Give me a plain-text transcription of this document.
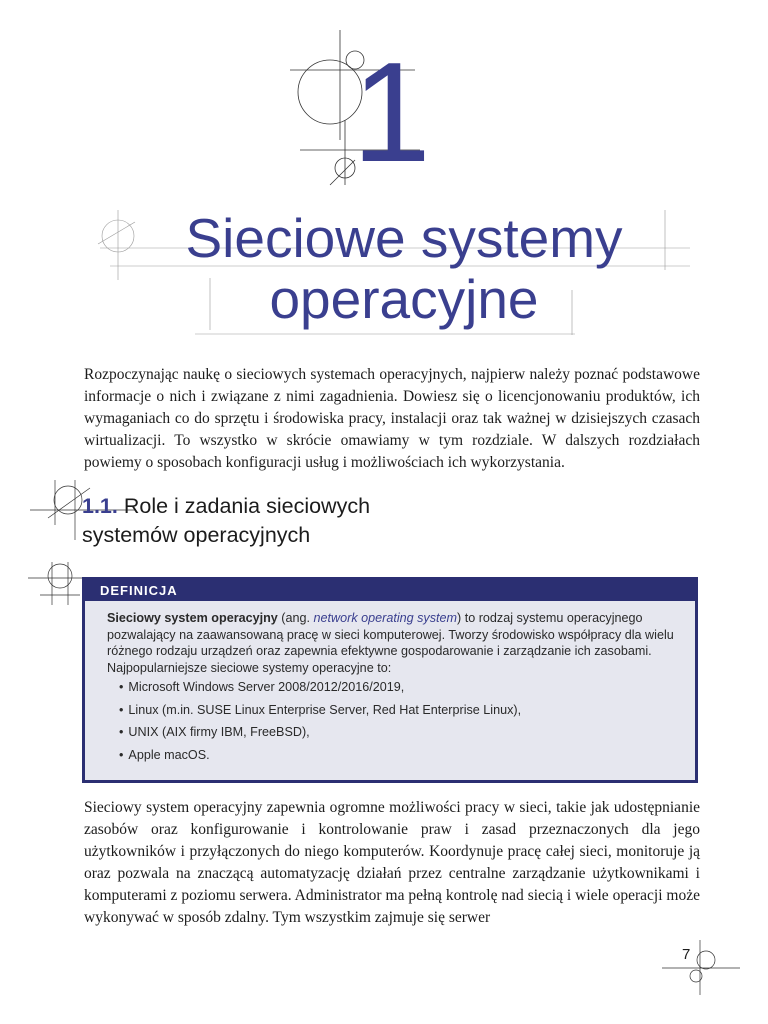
1
Sieciowe systemy
operacyjne
Rozpoczynając naukę o sieciowych systemach operacyjnych, najpierw należy poznać podstawowe informacje o nich i związane z nimi zagadnienia. Dowiesz się o licencjonowaniu produktów, ich wymaganiach co do sprzętu i środowiska pracy, instalacji oraz tak ważnej w dzisiejszych czasach wirtualizacji. To wszystko w skrócie omawiamy w tym rozdziale. W dalszych rozdziałach powiemy o sposobach konfiguracji usług i możliwościach ich wykorzystania.
1.1. Role i zadania sieciowych
systemów operacyjnych
DEFINICJA
Sieciowy system operacyjny (ang. network operating system) to rodzaj systemu operacyjnego pozwalający na zaawansowaną pracę w sieci komputerowej. Tworzy środowisko współpracy dla wielu różnego rodzaju urządzeń oraz zapewnia efektywne gospodarowanie i zarządzanie ich zasobami. Najpopularniejsze sieciowe systemy operacyjne to:
• Microsoft Windows Server 2008/2012/2016/2019,
• Linux (m.in. SUSE Linux Enterprise Server, Red Hat Enterprise Linux),
• UNIX (AIX firmy IBM, FreeBSD),
• Apple macOS.
Sieciowy system operacyjny zapewnia ogromne możliwości pracy w sieci, takie jak udostępnianie zasobów oraz konfigurowanie i kontrolowanie praw i zasad przeznaczonych dla jego użytkowników i przyłączonych do niego komputerów. Koordynuje pracę całej sieci, monitoruje ją oraz pozwala na znaczącą automatyzację działań przez centralne zarządzanie użytkownikami i komputerami z poziomu serwera. Administrator ma pełną kontrolę nad siecią i wiele operacji może wykonywać w sposób zdalny. Tym wszystkim zajmuje się serwer
7
